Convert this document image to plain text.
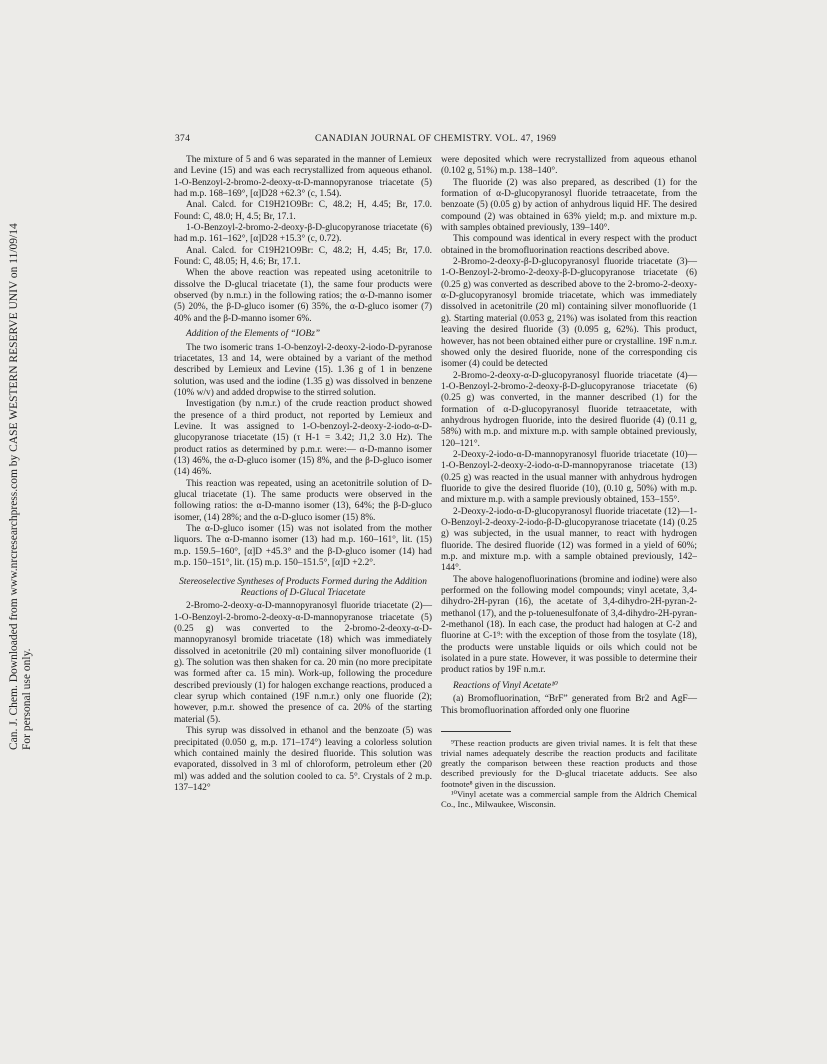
Can. J. Chem. Downloaded from www.nrcresearchpress.com by CASE WESTERN RESERVE UNIV on 11/09/14 For personal use only.
374	CANADIAN JOURNAL OF CHEMISTRY. VOL. 47, 1969

The mixture of 5 and 6 was separated in the manner of Lemieux and Levine (15) and was each recrystallized from aqueous ethanol. 1-O-Benzoyl-2-bromo-2-deoxy-α-D-mannopyranose triacetate (5) had m.p. 168–169°, [α]D28 +62.3° (c, 1.54).

Anal. Calcd. for C19H21O9Br: C, 48.2; H, 4.45; Br, 17.0. Found: C, 48.0; H, 4.5; Br, 17.1.

1-O-Benzoyl-2-bromo-2-deoxy-β-D-glucopyranose triacetate (6) had m.p. 161–162°, [α]D28 +15.3° (c, 0.72).

Anal. Calcd. for C19H21O9Br: C, 48.2; H, 4.45; Br, 17.0. Found: C, 48.05; H, 4.6; Br, 17.1.

When the above reaction was repeated using acetonitrile to dissolve the D-glucal triacetate (1), the same four products were observed (by n.m.r.) in the following ratios; the α-D-manno isomer (5) 20%, the β-D-gluco isomer (6) 35%, the α-D-gluco isomer (7) 40% and the β-D-manno isomer 6%.

Addition of the Elements of “IOBz”

The two isomeric trans 1-O-benzoyl-2-deoxy-2-iodo-D-pyranose triacetates, 13 and 14, were obtained by a variant of the method described by Lemieux and Levine (15). 1.36 g of 1 in benzene solution, was used and the iodine (1.35 g) was dissolved in benzene (10% w/v) and added dropwise to the stirred solution.

Investigation (by n.m.r.) of the crude reaction product showed the presence of a third product, not reported by Lemieux and Levine. It was assigned to 1-O-benzoyl-2-deoxy-2-iodo-α-D-glucopyranose triacetate (15) (τ H-1 = 3.42; J1,2 3.0 Hz). The product ratios as determined by p.m.r. were:— α-D-manno isomer (13) 46%, the α-D-gluco isomer (15) 8%, and the β-D-gluco isomer (14) 46%.

This reaction was repeated, using an acetonitrile solution of D-glucal triacetate (1). The same products were observed in the following ratios: the α-D-manno isomer (13), 64%; the β-D-gluco isomer, (14) 28%; and the α-D-gluco isomer (15) 8%.

The α-D-gluco isomer (15) was not isolated from the mother liquors. The α-D-manno isomer (13) had m.p. 160–161°, lit. (15) m.p. 159.5–160°, [α]D +45.3° and the β-D-gluco isomer (14) had m.p. 150–151°, lit. (15) m.p. 150–151.5°, [α]D +2.2°.

Stereoselective Syntheses of Products Formed during the Addition Reactions of D-Glucal Triacetate

2-Bromo-2-deoxy-α-D-mannopyranosyl fluoride triacetate (2)—1-O-Benzoyl-2-bromo-2-deoxy-α-D-mannopyranose triacetate (5) (0.25 g) was converted to the 2-bromo-2-deoxy-α-D-mannopyranosyl bromide triacetate (18) which was immediately dissolved in acetonitrile (20 ml) containing silver monofluoride (1 g). The solution was then shaken for ca. 20 min (no more precipitate was formed after ca. 15 min). Work-up, following the procedure described previously (1) for halogen exchange reactions, produced a clear syrup which contained (19F n.m.r.) only one fluoride (2); however, p.m.r. showed the presence of ca. 20% of the starting material (5).

This syrup was dissolved in ethanol and the benzoate (5) was precipitated (0.050 g, m.p. 171–174°) leaving a colorless solution which contained mainly the desired fluoride. This solution was evaporated, dissolved in 3 ml of chloroform, petroleum ether (20 ml) was added and the solution cooled to ca. 5°. Crystals of 2 m.p. 137–142°

were deposited which were recrystallized from aqueous ethanol (0.102 g, 51%) m.p. 138–140°.

The fluoride (2) was also prepared, as described (1) for the formation of α-D-glucopyranosyl fluoride tetraacetate, from the benzoate (5) (0.05 g) by action of anhydrous liquid HF. The desired compound (2) was obtained in 63% yield; m.p. and mixture m.p. with samples obtained previously, 139–140°.

This compound was identical in every respect with the product obtained in the bromofluorination reactions described above.

2-Bromo-2-deoxy-β-D-glucopyranosyl fluoride triacetate (3)—1-O-Benzoyl-2-bromo-2-deoxy-β-D-glucopyranose triacetate (6) (0.25 g) was converted as described above to the 2-bromo-2-deoxy-α-D-glucopyranosyl bromide triacetate, which was immediately dissolved in acetonitrile (20 ml) containing silver monofluoride (1 g). Starting material (0.053 g, 21%) was isolated from this reaction leaving the desired fluoride (3) (0.095 g, 62%). This product, however, has not been obtained either pure or crystalline. 19F n.m.r. showed only the desired fluoride, none of the corresponding cis isomer (4) could be detected

2-Bromo-2-deoxy-α-D-glucopyranosyl fluoride triacetate (4)—1-O-Benzoyl-2-bromo-2-deoxy-β-D-glucopyranose triacetate (6) (0.25 g) was converted, in the manner described (1) for the formation of α-D-glucopyranosyl fluoride tetraacetate, with anhydrous hydrogen fluoride, into the desired fluoride (4) (0.11 g, 58%) with m.p. and mixture m.p. with sample obtained previously, 120–121°.

2-Deoxy-2-iodo-α-D-mannopyranosyl fluoride triacetate (10)—1-O-Benzoyl-2-deoxy-2-iodo-α-D-mannopyranose triacetate (13) (0.25 g) was reacted in the usual manner with anhydrous hydrogen fluoride to give the desired fluoride (10), (0.10 g, 50%) with m.p. and mixture m.p. with a sample previously obtained, 153–155°.

2-Deoxy-2-iodo-α-D-glucopyranosyl fluoride triacetate (12)—1-O-Benzoyl-2-deoxy-2-iodo-β-D-glucopyranose triacetate (14) (0.25 g) was subjected, in the usual manner, to react with hydrogen fluoride. The desired fluoride (12) was formed in a yield of 60%; m.p. and mixture m.p. with a sample obtained previously, 142–144°.

The above halogenofluorinations (bromine and iodine) were also performed on the following model compounds; vinyl acetate, 3,4-dihydro-2H-pyran (16), the acetate of 3,4-dihydro-2H-pyran-2-methanol (17), and the p-toluenesulfonate of 3,4-dihydro-2H-pyran-2-methanol (18). In each case, the product had halogen at C-2 and fluorine at C-1⁹: with the exception of those from the tosylate (18), the products were unstable liquids or oils which could not be isolated in a pure state. However, it was possible to determine their product ratios by 19F n.m.r.

Reactions of Vinyl Acetate¹⁰

(a) Bromofluorination, “BrF” generated from Br2 and AgF—This bromofluorination afforded only one fluorine

⁹These reaction products are given trivial names. It is felt that these trivial names adequately describe the reaction products and facilitate greatly the comparison between these reaction products and those described previously for the D-glucal triacetate adducts. See also footnote⁸ given in the discussion.

¹⁰Vinyl acetate was a commercial sample from the Aldrich Chemical Co., Inc., Milwaukee, Wisconsin.
